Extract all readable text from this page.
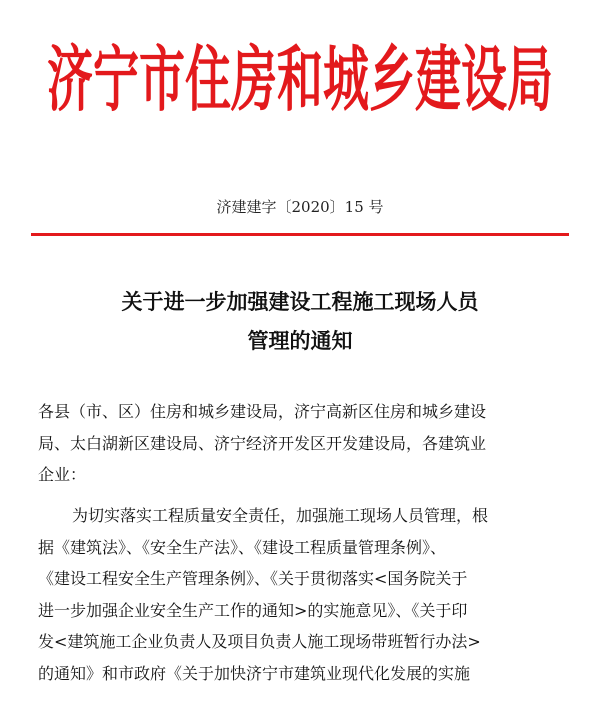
济宁市住房和城乡建设局
济建建字〔2020〕15 号
关于进一步加强建设工程施工现场人员
管理的通知
各县（市、区）住房和城乡建设局，济宁高新区住房和城乡建设
局、太白湖新区建设局、济宁经济开发区开发建设局，各建筑业
企业：
为切实落实工程质量安全责任，加强施工现场人员管理，根
据《建筑法》、《安全生产法》、《建设工程质量管理条例》、
《建设工程安全生产管理条例》、《关于贯彻落实<国务院关于
进一步加强企业安全生产工作的通知>的实施意见》、《关于印
发<建筑施工企业负责人及项目负责人施工现场带班暂行办法>
的通知》和市政府《关于加快济宁市建筑业现代化发展的实施
